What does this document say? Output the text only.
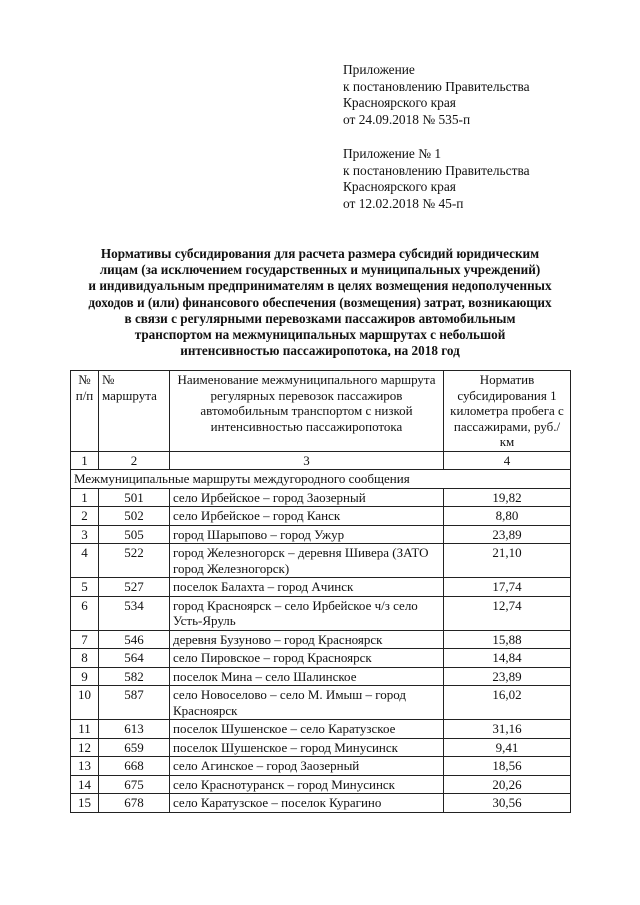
Приложение
к постановлению Правительства
Красноярского края
от 24.09.2018 № 535-п
Приложение № 1
к постановлению Правительства
Красноярского края
от 12.02.2018 № 45-п
Нормативы субсидирования для расчета размера субсидий юридическим
лицам (за исключением государственных и муниципальных учреждений)
и индивидуальным предпринимателям в целях возмещения недополученных
доходов и (или) финансового обеспечения (возмещения) затрат, возникающих
в связи с регулярными перевозками пассажиров автомобильным
транспортом на межмуниципальных маршрутах с небольшой
интенсивностью пассажиропотока, на 2018 год
№ п/п	№ маршрута	Наименование межмуниципального маршрута регулярных перевозок пассажиров автомобильным транспортом с низкой интенсивностью пассажиропотока	Норматив субсидирования 1 километра пробега с пассажирами, руб./км
1	2	3	4
Межмуниципальные маршруты междугородного сообщения			
1	501	село Ирбейское – город Заозерный	19,82
2	502	село Ирбейское – город Канск	8,80
3	505	город Шарыпово – город Ужур	23,89
4	522	город Железногорск – деревня Шивера (ЗАТО город Железногорск)	21,10
5	527	поселок Балахта – город Ачинск	17,74
6	534	город Красноярск – село Ирбейское ч/з село Усть-Яруль	12,74
7	546	деревня Бузуново – город Красноярск	15,88
8	564	село Пировское – город Красноярск	14,84
9	582	поселок Мина – село Шалинское	23,89
10	587	село Новоселово – село М. Имыш – город Красноярск	16,02
11	613	поселок Шушенское – село Каратузское	31,16
12	659	поселок Шушенское – город Минусинск	9,41
13	668	село Агинское – город Заозерный	18,56
14	675	село Краснотуранск – город Минусинск	20,26
15	678	село Каратузское – поселок Курагино	30,56
